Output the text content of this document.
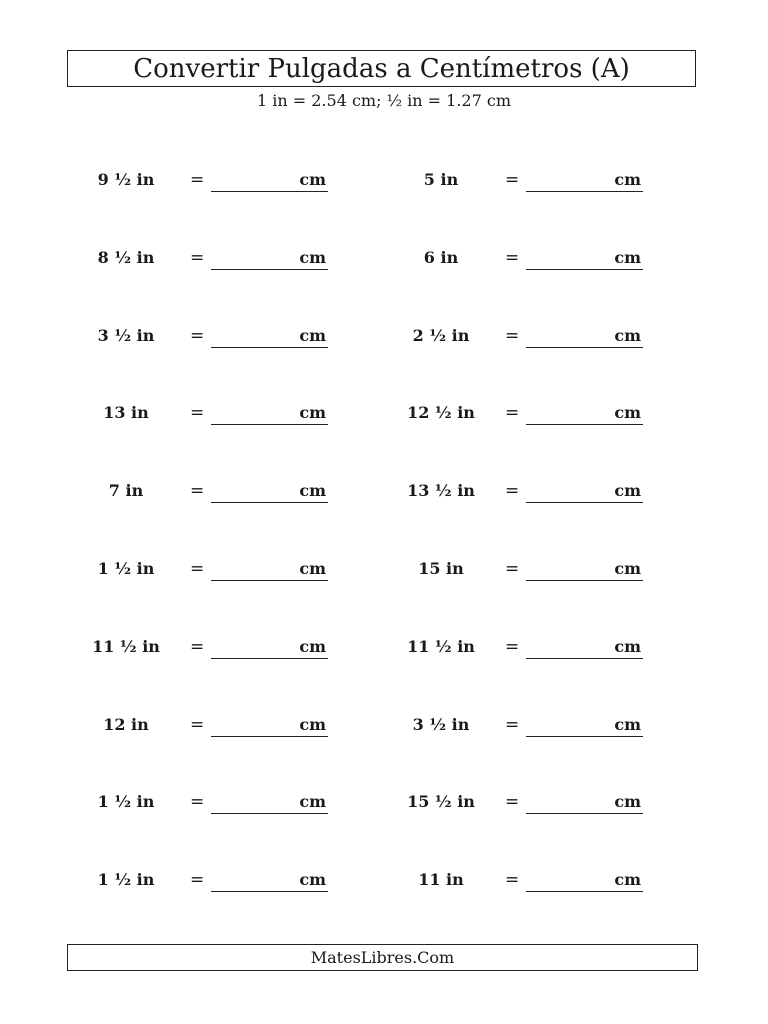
Convertir Pulgadas a Centímetros (A)
1 in = 2.54 cm; ½ in = 1.27 cm
9 ½ in	=	cm	5 in	=	cm
8 ½ in	=	cm	6 in	=	cm
3 ½ in	=	cm	2 ½ in	=	cm
13 in	=	cm	12 ½ in	=	cm
7 in	=	cm	13 ½ in	=	cm
1 ½ in	=	cm	15 in	=	cm
11 ½ in	=	cm	11 ½ in	=	cm
12 in	=	cm	3 ½ in	=	cm
1 ½ in	=	cm	15 ½ in	=	cm
1 ½ in	=	cm	11 in	=	cm
MatesLibres.Com
